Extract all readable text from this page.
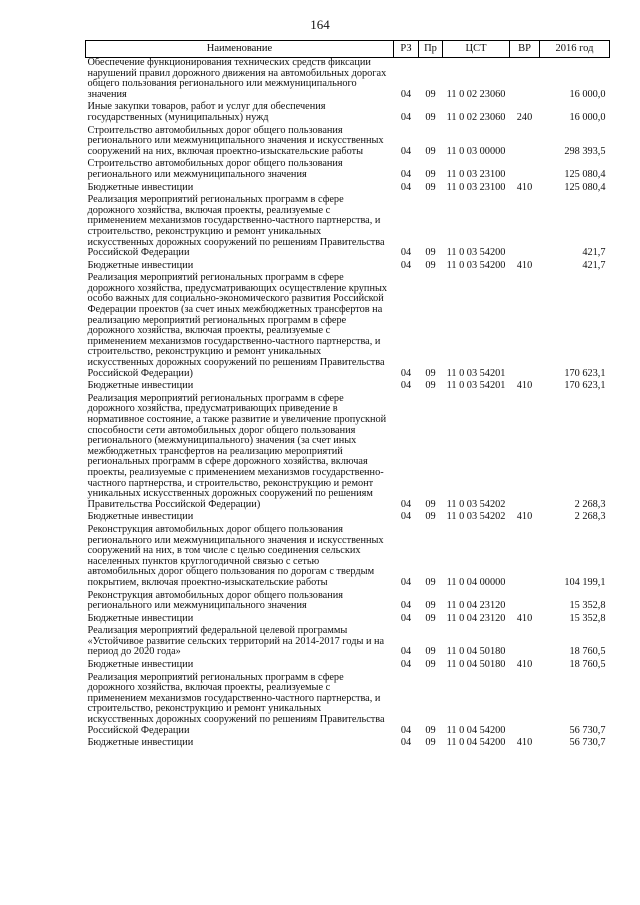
164
Наименование	РЗ	Пр	ЦСТ	ВР	2016 год
Обеспечение функционирования технических средств фиксации нарушений правил дорожного движения на автомобильных дорогах общего пользования регионального или межмуниципального значения	04	09	11 0 02 23060		16 000,0
Иные закупки товаров, работ и услуг для обеспечения государственных (муниципальных) нужд	04	09	11 0 02 23060	240	16 000,0
Строительство автомобильных дорог общего пользования регионального или межмуниципального значения и искусственных сооружений на них, включая проектно-изыскательские работы	04	09	11 0 03 00000		298 393,5
Строительство автомобильных дорог общего пользования регионального или межмуниципального значения	04	09	11 0 03 23100		125 080,4
Бюджетные инвестиции	04	09	11 0 03 23100	410	125 080,4
Реализация мероприятий региональных программ в сфере дорожного хозяйства, включая проекты, реализуемые с применением механизмов государственно-частного партнерства, и строительство, реконструкцию и ремонт уникальных искусственных дорожных сооружений по решениям Правительства Российской Федерации	04	09	11 0 03 54200		421,7
Бюджетные инвестиции	04	09	11 0 03 54200	410	421,7
Реализация мероприятий региональных программ в сфере дорожного хозяйства, предусматривающих осуществление крупных особо важных для социально-экономического развития Российской Федерации проектов (за счет иных межбюджетных трансфертов на реализацию мероприятий региональных программ в сфере дорожного хозяйства, включая проекты, реализуемые с применением механизмов государственно-частного партнерства, и строительство, реконструкцию и ремонт уникальных искусственных дорожных сооружений по решениям Правительства Российской Федерации)	04	09	11 0 03 54201		170 623,1
Бюджетные инвестиции	04	09	11 0 03 54201	410	170 623,1
Реализация мероприятий региональных программ в сфере дорожного хозяйства, предусматривающих приведение в нормативное состояние, а также развитие и увеличение пропускной способности сети автомобильных дорог общего пользования регионального (межмуниципального) значения (за счет иных межбюджетных трансфертов на реализацию мероприятий региональных программ в сфере дорожного хозяйства, включая проекты, реализуемые с применением механизмов государственно-частного партнерства, и строительство, реконструкцию и ремонт уникальных искусственных дорожных сооружений по решениям Правительства Российской Федерации)	04	09	11 0 03 54202		2 268,3
Бюджетные инвестиции	04	09	11 0 03 54202	410	2 268,3
Реконструкция автомобильных дорог общего пользования регионального или межмуниципального значения и искусственных сооружений на них, в том числе с целью соединения сельских населенных пунктов круглогодичной связью с сетью автомобильных дорог общего пользования по дорогам с твердым покрытием, включая проектно-изыскательские работы	04	09	11 0 04 00000		104 199,1
Реконструкция автомобильных дорог общего пользования регионального или межмуниципального значения	04	09	11 0 04 23120		15 352,8
Бюджетные инвестиции	04	09	11 0 04 23120	410	15 352,8
Реализация мероприятий федеральной целевой программы «Устойчивое развитие сельских территорий на 2014-2017 годы и на период до 2020 года»	04	09	11 0 04 50180		18 760,5
Бюджетные инвестиции	04	09	11 0 04 50180	410	18 760,5
Реализация мероприятий региональных программ в сфере дорожного хозяйства, включая проекты, реализуемые с применением механизмов государственно-частного партнерства, и строительство, реконструкцию и ремонт уникальных искусственных дорожных сооружений по решениям Правительства Российской Федерации	04	09	11 0 04 54200		56 730,7
Бюджетные инвестиции	04	09	11 0 04 54200	410	56 730,7
